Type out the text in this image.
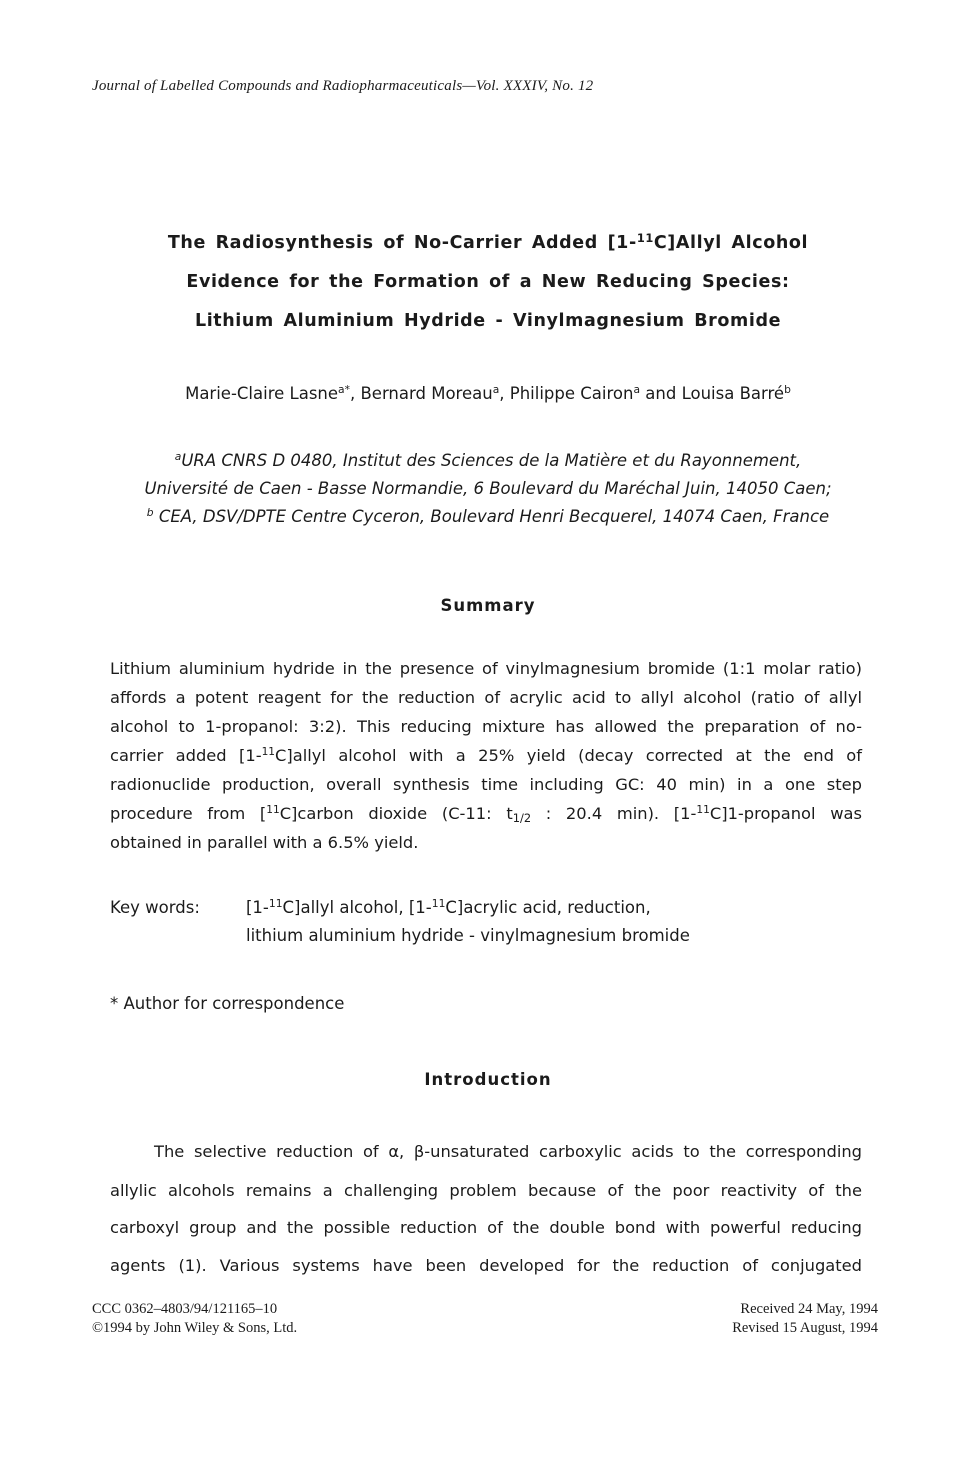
Journal of Labelled Compounds and Radiopharmaceuticals—Vol. XXXIV, No. 12
The Radiosynthesis of No-Carrier Added [1-$^{11}$C]Allyl Alcohol
Evidence for the Formation of a New Reducing Species:
Lithium Aluminium Hydride - Vinylmagnesium Bromide
Marie-Claire Lasne$^{a*}$, Bernard Moreau$^a$, Philippe Cairon$^a$ and Louisa Barré$^b$
$^a$URA CNRS D 0480, Institut des Sciences de la Matière et du Rayonnement,
Université de Caen - Basse Normandie, 6 Boulevard du Maréchal Juin, 14050 Caen;
$^b$ CEA, DSV/DPTE Centre Cyceron, Boulevard Henri Becquerel, 14074 Caen, France
Summary
Lithium aluminium hydride in the presence of vinylmagnesium bromide (1:1 molar ratio)
affords a potent reagent for the reduction of acrylic acid to allyl alcohol (ratio of allyl
alcohol to 1-propanol: 3:2). This reducing mixture has allowed the preparation of no-
carrier added [1-$^{11}$C]allyl alcohol with a 25% yield (decay corrected at the end of
radionuclide production, overall synthesis time including GC: 40 min) in a one step
procedure from [$^{11}$C]carbon dioxide (C-11: $t_{1/2}$ : 20.4 min). [1-$^{11}$C]1-propanol was
obtained in parallel with a 6.5% yield.
Key words:	[1-$^{11}$C]allyl alcohol, [1-$^{11}$C]acrylic acid, reduction,
lithium aluminium hydride - vinylmagnesium bromide
* Author for correspondence
Introduction
The selective reduction of α, β-unsaturated carboxylic acids to the corresponding
allylic alcohols remains a challenging problem because of the poor reactivity of the
carboxyl group and the possible reduction of the double bond with powerful reducing
agents (1). Various systems have been developed for the reduction of conjugated
CCC 0362–4803/94/121165–10
©1994 by John Wiley & Sons, Ltd.
Received 24 May, 1994
Revised 15 August, 1994
